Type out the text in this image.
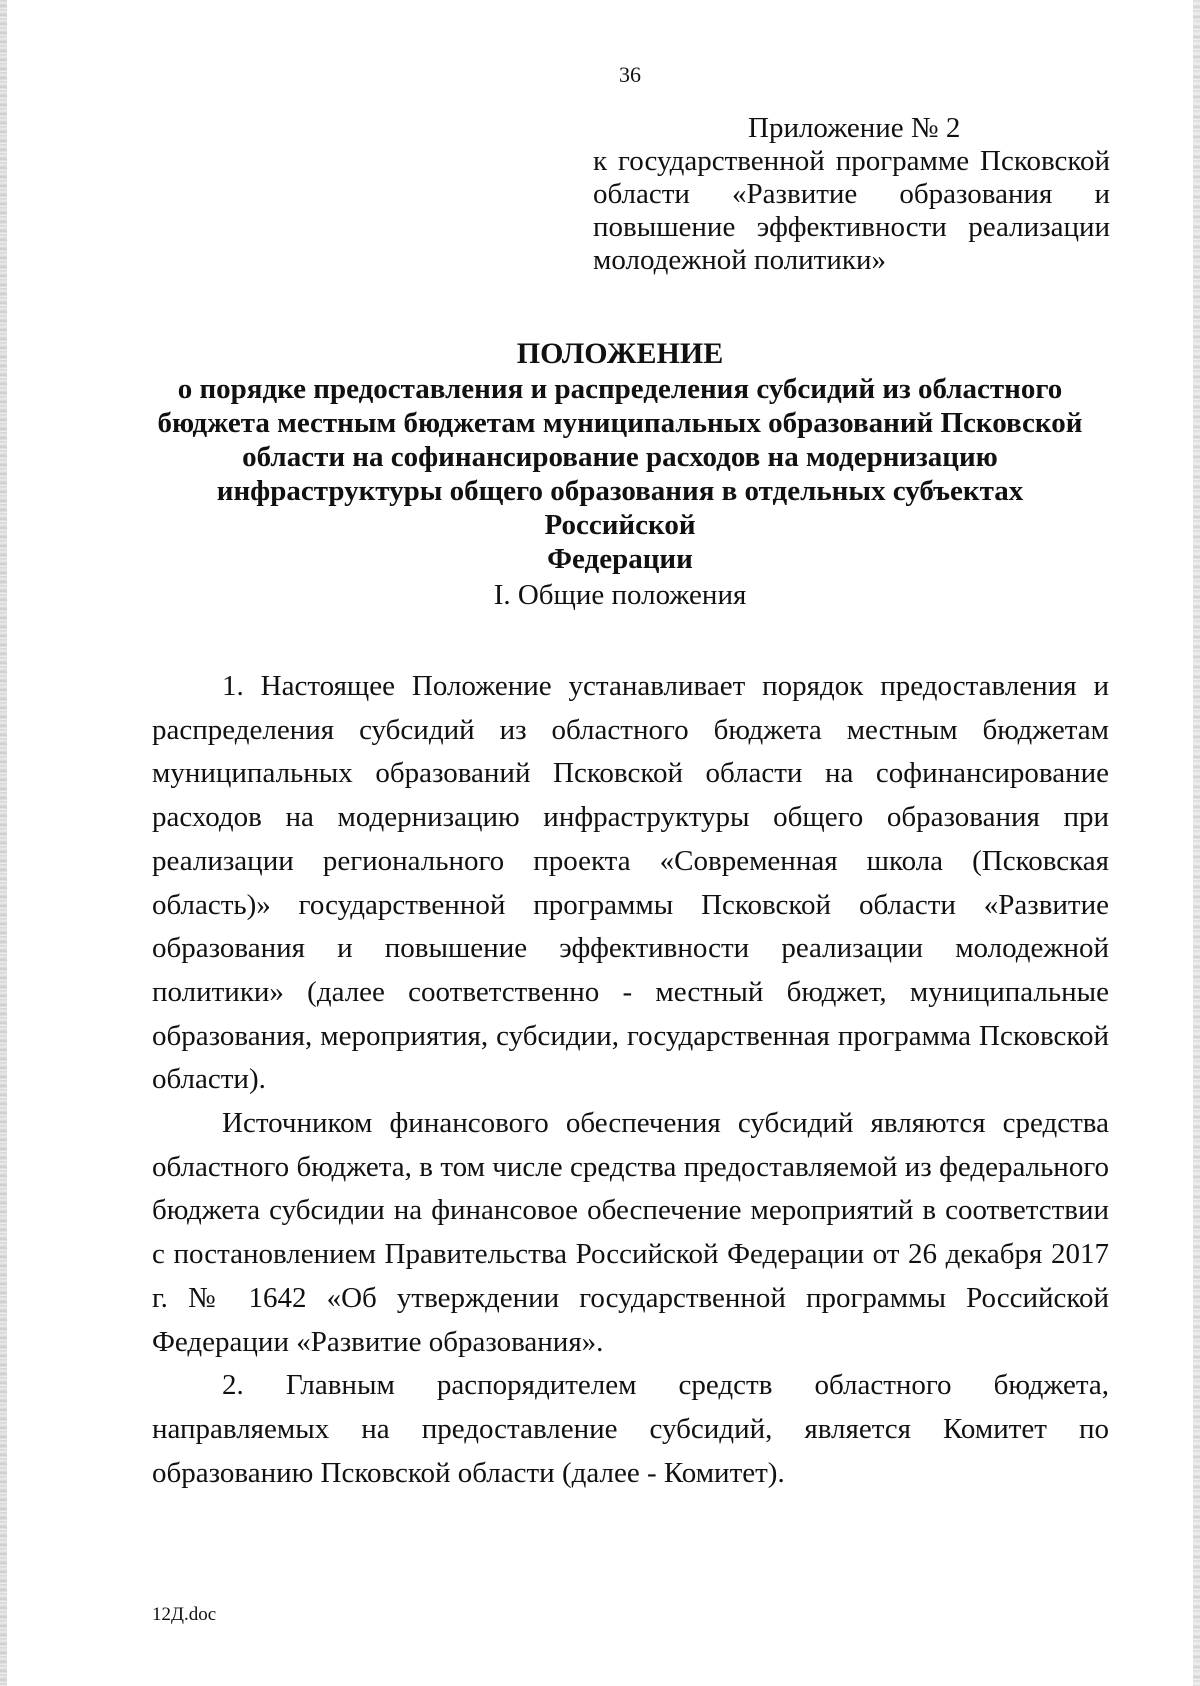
36
Приложение № 2
к государственной программе Псковской области «Развитие образования и повышение эффективности реализации молодежной политики»
ПОЛОЖЕНИЕ
о порядке предоставления и распределения субсидий из областного
бюджета местным бюджетам муниципальных образований Псковской
области на софинансирование расходов на модернизацию
инфраструктуры общего образования в отдельных субъектах Российской
Федерации
I. Общие положения

1. Настоящее Положение устанавливает порядок предоставления и распределения субсидий из областного бюджета местным бюджетам муниципальных образований Псковской области на софинансирование расходов на модернизацию инфраструктуры общего образования при реализации регионального проекта «Современная школа (Псковская область)» государственной программы Псковской области «Развитие образования и повышение эффективности реализации молодежной политики» (далее соответственно - местный бюджет, муниципальные образования, мероприятия, субсидии, государственная программа Псковской области).

Источником финансового обеспечения субсидий являются средства областного бюджета, в том числе средства предоставляемой из федерального бюджета субсидии на финансовое обеспечение мероприятий в соответствии с постановлением Правительства Российской Федерации от 26 декабря 2017 г. № 1642 «Об утверждении государственной программы Российской Федерации «Развитие образования».

2. Главным распорядителем средств областного бюджета, направляемых на предоставление субсидий, является Комитет по образованию Псковской области (далее - Комитет).

12Д.doc
